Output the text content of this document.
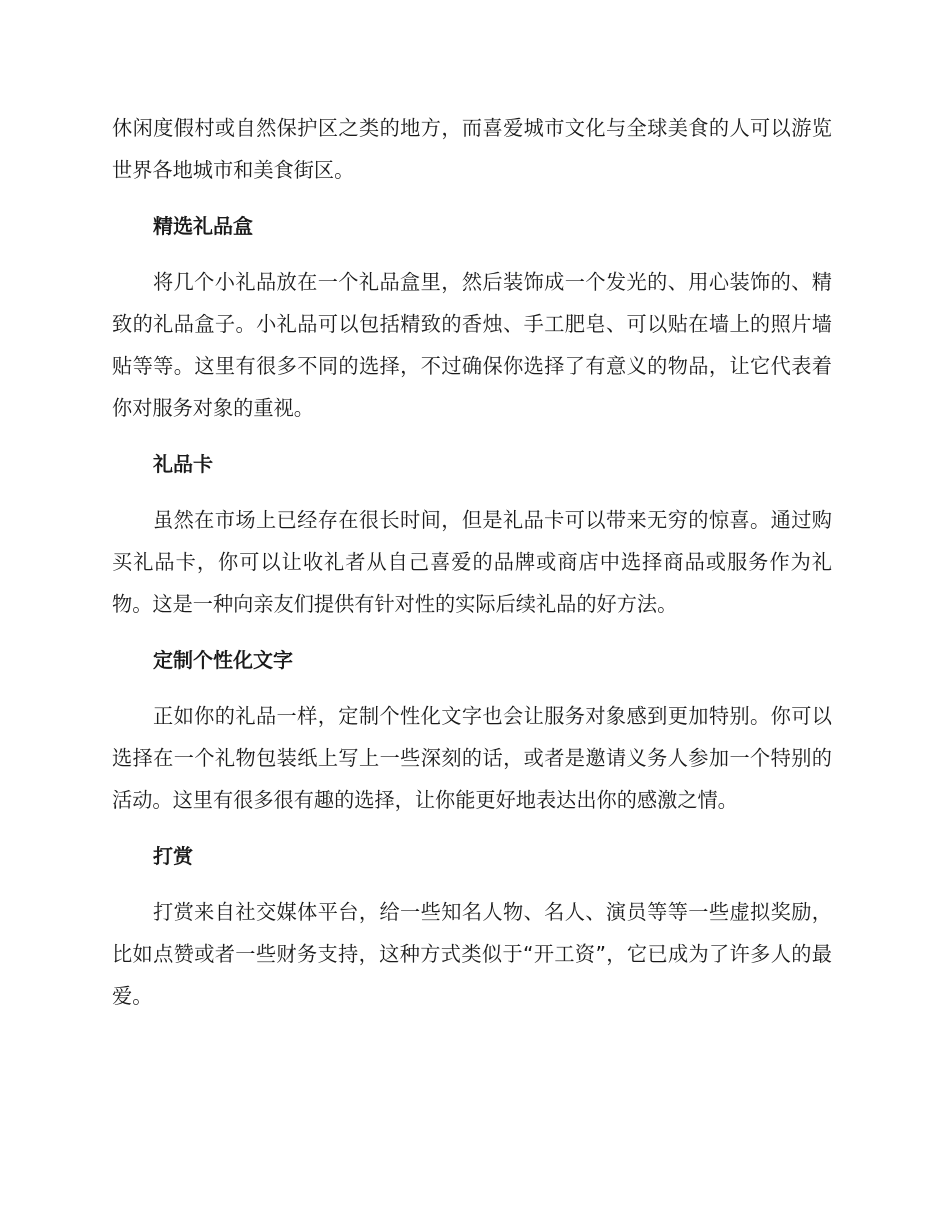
休闲度假村或自然保护区之类的地方，而喜爱城市文化与全球美食的人可以游览世界各地城市和美食街区。

精选礼品盒

将几个小礼品放在一个礼品盒里，然后装饰成一个发光的、用心装饰的、精致的礼品盒子。小礼品可以包括精致的香烛、手工肥皂、可以贴在墙上的照片墙贴等等。这里有很多不同的选择，不过确保你选择了有意义的物品，让它代表着你对服务对象的重视。

礼品卡

虽然在市场上已经存在很长时间，但是礼品卡可以带来无穷的惊喜。通过购买礼品卡，你可以让收礼者从自己喜爱的品牌或商店中选择商品或服务作为礼物。这是一种向亲友们提供有针对性的实际后续礼品的好方法。

定制个性化文字

正如你的礼品一样，定制个性化文字也会让服务对象感到更加特别。你可以选择在一个礼物包装纸上写上一些深刻的话，或者是邀请义务人参加一个特别的活动。这里有很多很有趣的选择，让你能更好地表达出你的感激之情。

打赏

打赏来自社交媒体平台，给一些知名人物、名人、演员等等一些虚拟奖励，比如点赞或者一些财务支持，这种方式类似于“开工资”，它已成为了许多人的最爱。
